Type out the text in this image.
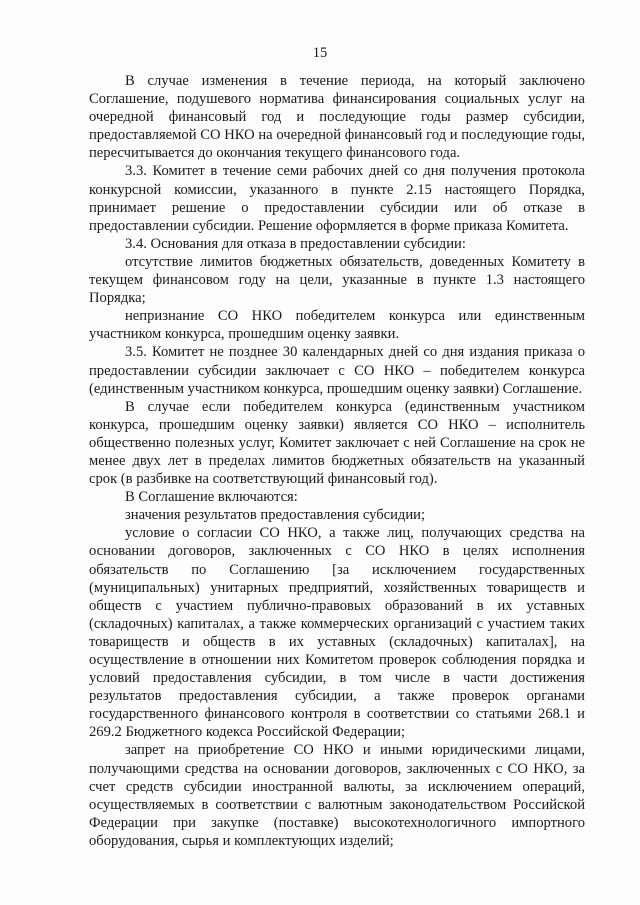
15

В случае изменения в течение периода, на который заключено Соглашение, подушевого норматива финансирования социальных услуг на очередной финансовый год и последующие годы размер субсидии, предоставляемой СО НКО на очередной финансовый год и последующие годы, пересчитывается до окончания текущего финансового года.

3.3. Комитет в течение семи рабочих дней со дня получения протокола конкурсной комиссии, указанного в пункте 2.15 настоящего Порядка, принимает решение о предоставлении субсидии или об отказе в предоставлении субсидии. Решение оформляется в форме приказа Комитета.

3.4. Основания для отказа в предоставлении субсидии:

отсутствие лимитов бюджетных обязательств, доведенных Комитету в текущем финансовом году на цели, указанные в пункте 1.3 настоящего Порядка;

непризнание СО НКО победителем конкурса или единственным участником конкурса, прошедшим оценку заявки.

3.5. Комитет не позднее 30 календарных дней со дня издания приказа о предоставлении субсидии заключает с СО НКО – победителем конкурса (единственным участником конкурса, прошедшим оценку заявки) Соглашение.

В случае если победителем конкурса (единственным участником конкурса, прошедшим оценку заявки) является СО НКО – исполнитель общественно полезных услуг, Комитет заключает с ней Соглашение на срок не менее двух лет в пределах лимитов бюджетных обязательств на указанный срок (в разбивке на соответствующий финансовый год).

В Соглашение включаются:

значения результатов предоставления субсидии;

условие о согласии СО НКО, а также лиц, получающих средства на основании договоров, заключенных с СО НКО в целях исполнения обязательств по Соглашению [за исключением государственных (муниципальных) унитарных предприятий, хозяйственных товариществ и обществ с участием публично-правовых образований в их уставных (складочных) капиталах, а также коммерческих организаций с участием таких товариществ и обществ в их уставных (складочных) капиталах], на осуществление в отношении них Комитетом проверок соблюдения порядка и условий предоставления субсидии, в том числе в части достижения результатов предоставления субсидии, а также проверок органами государственного финансового контроля в соответствии со статьями 268.1 и 269.2 Бюджетного кодекса Российской Федерации;

запрет на приобретение СО НКО и иными юридическими лицами, получающими средства на основании договоров, заключенных с СО НКО, за счет средств субсидии иностранной валюты, за исключением операций, осуществляемых в соответствии с валютным законодательством Российской Федерации при закупке (поставке) высокотехнологичного импортного оборудования, сырья и комплектующих изделий;
